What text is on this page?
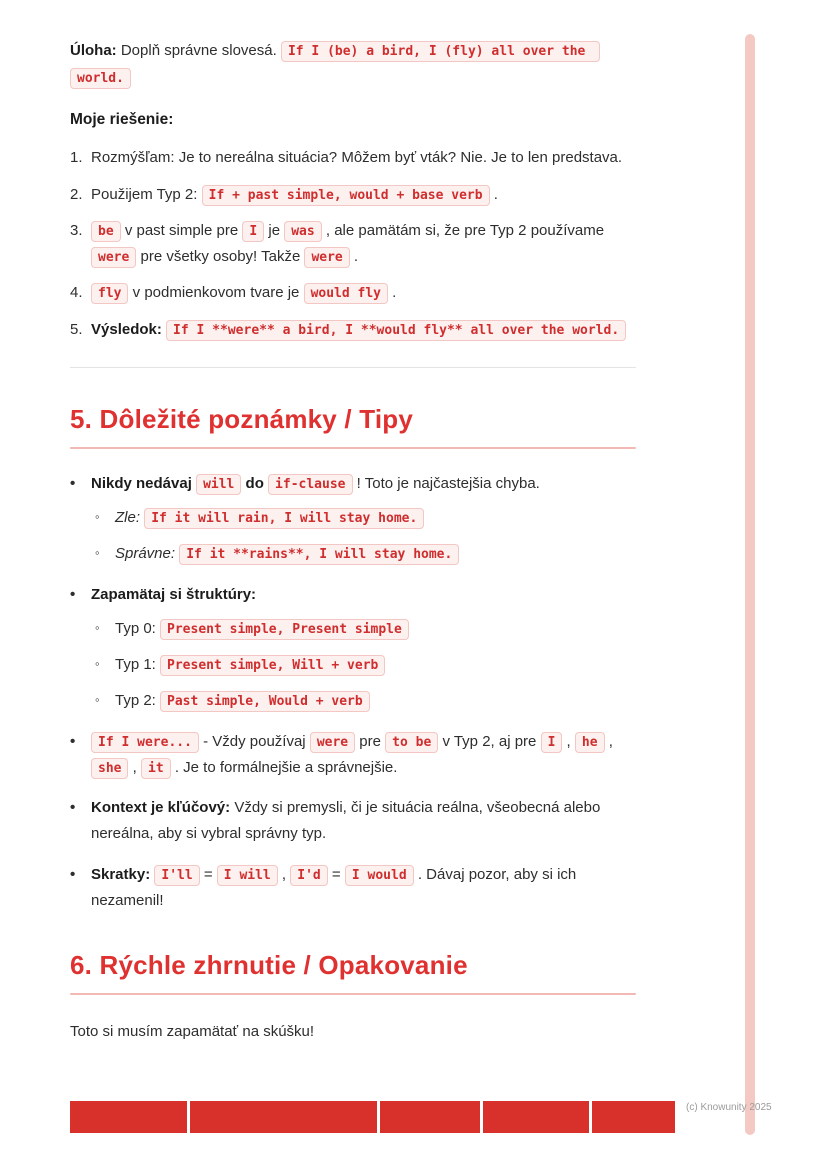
Úloha: Doplň správne slovesá. If I (be) a bird, I (fly) all over the world.

Moje riešenie:

1. Rozmýšľam: Je to nereálna situácia? Môžem byť vták? Nie. Je to len predstava.
2. Použijem Typ 2: If + past simple, would + base verb .
3.	be v past simple pre I je was , ale pamätám si, že pre Typ 2 používame were pre všetky osoby! Takže were .
4.	fly v podmienkovom tvare je would fly .
5. Výsledok: If I **were** a bird, I **would fly** all over the world.
5. Dôležité poznámky / Tipy
•	Nikdy nedávaj will do if-clause ! Toto je najčastejšia chyba.
◦	Zle: If it will rain, I will stay home.
◦	Správne: If it **rains**, I will stay home.
•	Zapamätaj si štruktúry:
◦	Typ 0: Present simple, Present simple
◦	Typ 1: Present simple, Will + verb
◦	Typ 2: Past simple, Would + verb
•	If I were... - Vždy používaj were pre to be v Typ 2, aj pre I , he , she , it . Je to formálnejšie a správnejšie.
•	Kontext je kľúčový: Vždy si premysli, či je situácia reálna, všeobecná alebo nereálna, aby si vybral správny typ.
•	Skratky: I'll = I will , I'd = I would . Dávaj pozor, aby si ich nezamenil!
6. Rýchle zhrnutie / Opakovanie

Toto si musím zapamätať na skúšku!

(c) Knowunity 2025
